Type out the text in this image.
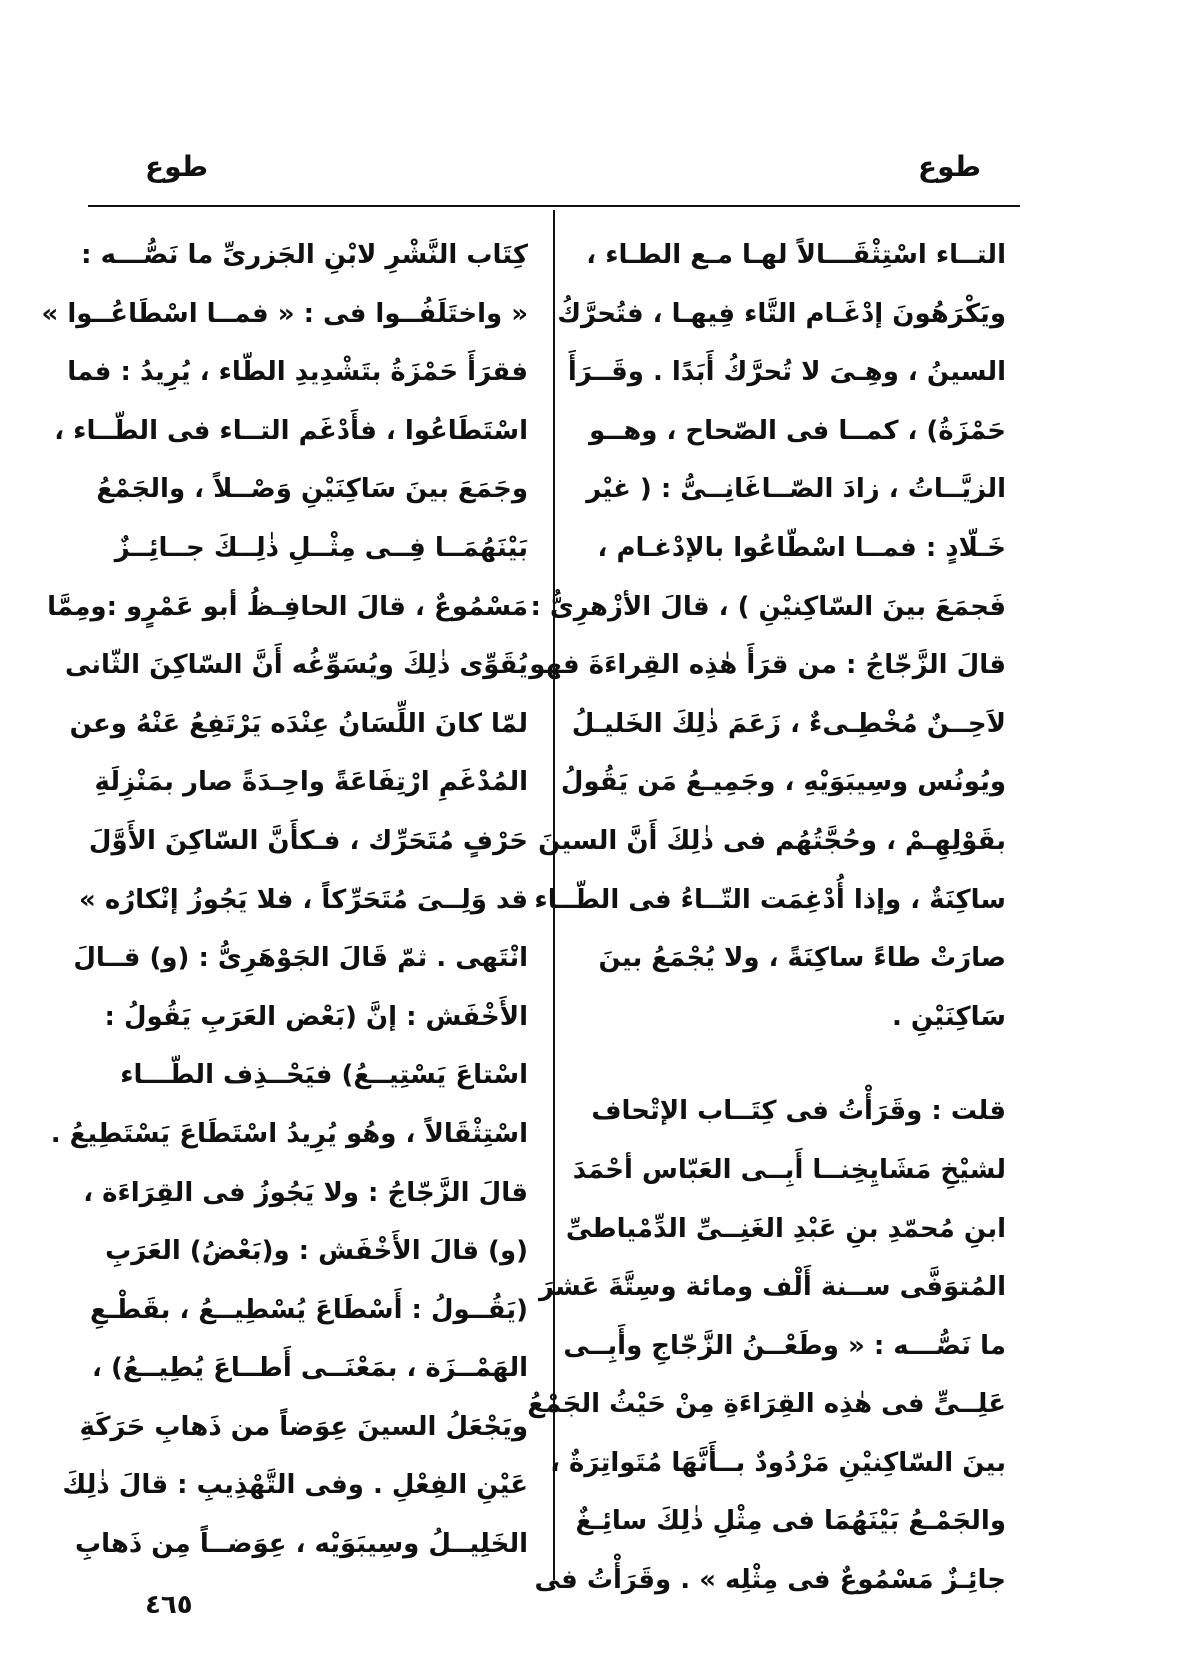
طوع
طوع
التــاء اسْتِثْقَـــالاً لهـا مـع الطـاء ،
ويَكْرَهُونَ إدْغَـام التَّاء فِيهـا ، فتُحرَّكُ
السينُ ، وهِـىَ لا تُحرَّكُ أَبَدًا . وقَــرَأَ
حَمْزَةُ) ، كمــا فى الصّحاح ، وهــو
الزيَّــاتُ ، زادَ الصّــاغَانِــىُّ : ( غيْر
خَـلّادٍ : فمــا اسْطّاعُوا بالإدْغـام ،
فَجمَعَ بينَ السّاكِنيْنِ ) ، قالَ الأزْهرِىُّ :
قالَ الزَّجّاجُ : من قرَأَ هٰذِه القِراءَةَ فهو
لاَحِــنٌ مُخْطِـىءٌ ، زَعَمَ ذٰلِكَ الخَليـلُ
ويُونُس وسِيبَوَيْهِ ، وجَمِيـعُ مَن يَقُولُ
بقَوْلِهِـمْ ، وحُجَّتُهُم فى ذٰلِكَ أَنَّ السينَ
ساكِنَةٌ ، وإذا أُدْغِمَت التّــاءُ فى الطّــاء
صارَتْ طاءً ساكِنَةً ، ولا يُجْمَعُ بينَ
سَاكِنَيْنِ .
قلت : وقَرَأْتُ فى كِتَــاب الإتْحاف
لشيْخِ مَشَايِخِنــا أَبِــى العَبّاس أحْمَدَ
ابنِ مُحمّدِ بنِ عَبْدِ الغَنِــىِّ الدِّمْياطىِّ
المُتوَفَّى ســنة أَلْف ومائة وسِتَّةَ عَشرَ
ما نَصُّـــه : « وطَعْــنُ الزَّجّاجِ وأَبِــى
عَلِــىٍّ فى هٰذِه القِرَاءَةِ مِنْ حَيْثُ الجَمْعُ
بينَ السّاكِنيْنِ مَرْدُودٌ بــأَنَّهَا مُتَواتِرَةٌ ،
والجَمْـعُ بَيْنَهُمَا فى مِثْلِ ذٰلِكَ سائِـغٌ
جائِـزٌ مَسْمُوعٌ فى مِثْلِه » . وقَرَأْتُ فى
كِتَاب النَّشْرِ لابْنِ الجَزرىِّ ما نَصُّـــه :
« واختَلَفُــوا فى : « فمــا اسْطَاعُــوا »
فقرَأَ حَمْزَةُ بتَشْدِيدِ الطّاء ، يُرِيدُ : فما
اسْتَطَاعُوا ، فأَدْغَم التــاء فى الطّــاء ،
وجَمَعَ بينَ سَاكِنَيْنِ وَصْــلاً ، والجَمْعُ
بَيْنَهُمَــا فِــى مِثْــلِ ذٰلِــكَ جــائِــزٌ
مَسْمُوعٌ ، قالَ الحافِـظُ أبو عَمْرٍو :ومِمَّا
يُقَوِّى ذٰلِكَ ويُسَوِّغُه أَنَّ السّاكِنَ الثّانى
لمّا كانَ اللِّسَانُ عِنْدَه يَرْتَفِعُ عَنْهُ وعن
المُدْغَمِ ارْتِفَاعَةً واحِـدَةً صار بمَنْزِلَةِ
حَرْفٍ مُتَحَرِّك ، فـكأَنَّ السّاكِنَ الأَوَّلَ
قد وَلِــىَ مُتَحَرِّكاً ، فلا يَجُوزُ إنْكارُه »
انْتَهى . ثمّ قَالَ الجَوْهَرِىُّ : (و) قــالَ
الأَخْفَش : إنَّ (بَعْض العَرَبِ يَقُولُ :
اسْتاعَ يَسْتِيــعُ) فيَحْــذِف الطّـــاء
اسْتِثْقَالاً ، وهُو يُرِيدُ اسْتَطَاعَ يَسْتَطِيعُ .
قالَ الزَّجّاجُ : ولا يَجُوزُ فى القِرَاءَة ،
(و) قالَ الأَخْفَش : و(بَعْضُ) العَرَبِ
(يَقُــولُ : أَسْطَاعَ يُسْطِيــعُ ، بقَطْـعِ
الهَمْــزَة ، بمَعْنَــى أَطــاعَ يُطِيــعُ) ،
ويَجْعَلُ السينَ عِوَضاً من ذَهابِ حَرَكَةِ
عَيْنِ الفِعْلِ . وفى التَّهْذِيبِ : قالَ ذٰلِكَ
الخَلِيــلُ وسِيبَوَيْه ، عِوَضــاً مِن ذَهابِ
٤٦٥
